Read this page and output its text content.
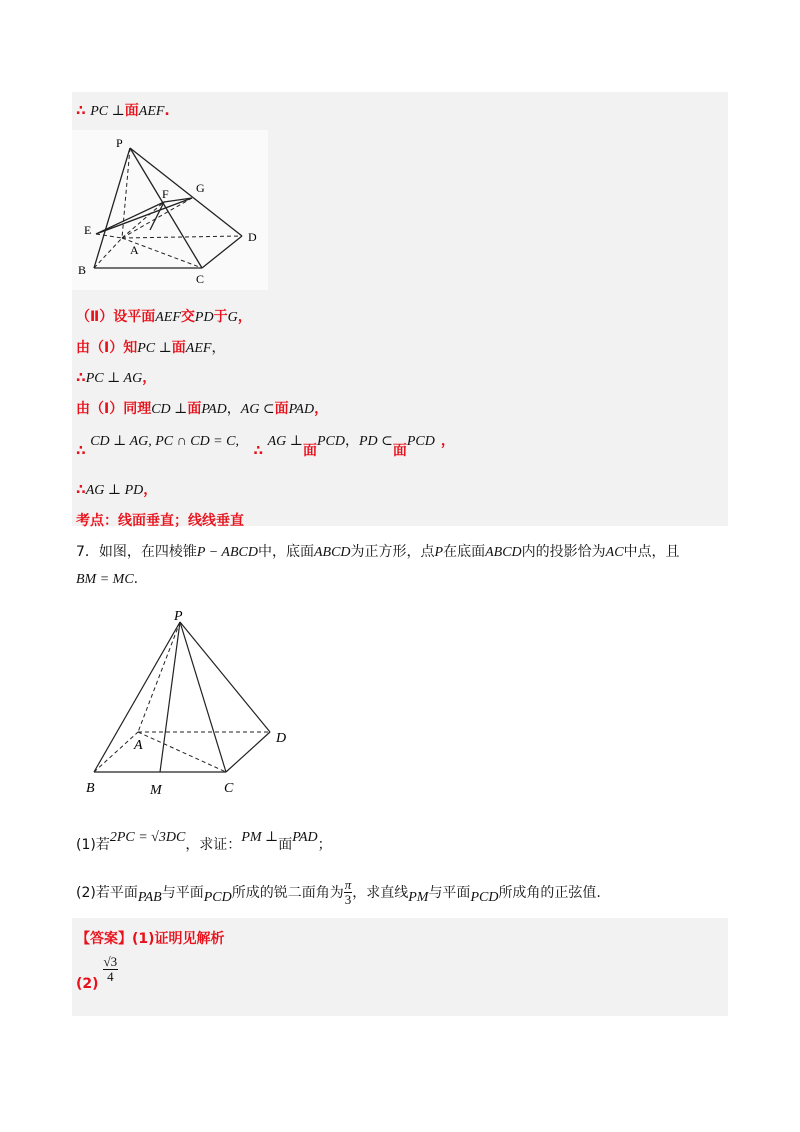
∴ PC ⊥面AEF.
P
F G
E
A
D
B
C
（Ⅱ）设平面AEF交PD于G，
由（Ⅰ）知PC ⊥面AEF，
∴PC ⊥ AG，
由（Ⅰ）同理CD ⊥面PAD，AG ⊂面PAD，
∴ CD ⊥ AG, PC ∩ CD = C, ∴ AG ⊥面PCD，PD ⊂面PCD ，
∴AG ⊥ PD，
考点：线面垂直；线线垂直
7．如图，在四棱锥P − ABCD中，底面ABCD为正方形，点P在底面ABCD内的投影恰为AC中点，且
BM = MC.
P
A	D
B	M	C
(1)若2PC = √3DC，求证：PM ⊥面PAD；
(2)若平面 PAB 与平面 PCD 所成的锐二面角为 $\frac{\pi}{3}$ ，求直线 PM 与平面 PCD 所成角的正弦值.
【答案】(1)证明见解析
$(2) \frac{√3}{4}$
